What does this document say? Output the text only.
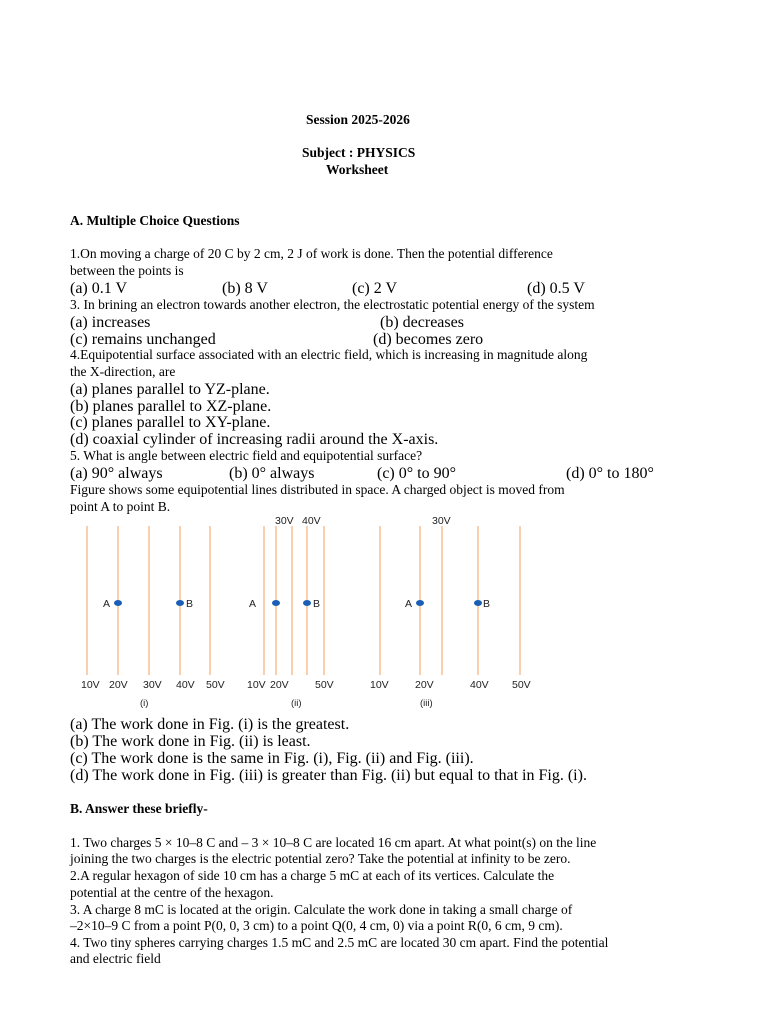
Session 2025-2026
Subject : PHYSICS
Worksheet
A. Multiple Choice Questions
1.On moving a charge of 20 C by 2 cm, 2 J of work is done. Then the potential difference
between the points is
(a) 0.1 V	(b) 8 V	(c) 2 V	(d) 0.5 V
3. In brining an electron towards another electron, the electrostatic potential energy of the system
(a) increases	(b) decreases
(c) remains unchanged	(d) becomes zero
4.Equipotential surface associated with an electric field, which is increasing in magnitude along
the X-direction, are
(a) planes parallel to YZ-plane.
(b) planes parallel to XZ-plane.
(c) planes parallel to XY-plane.
(d) coaxial cylinder of increasing radii around the X-axis.
5. What is angle between electric field and equipotential surface?
(a) 90° always	(b) 0° always	(c) 0° to 90°	(d) 0° to 180°
Figure shows some equipotential lines distributed in space. A charged object is moved from
point A to point B.
10V 20V 30V 40V 50V
A	B
(i)
30V 40V
10V 20V	50V
A	B
(ii)
30V
10V	20V	40V 50V
A	B
(iii)
(a) The work done in Fig. (i) is the greatest.
(b) The work done in Fig. (ii) is least.
(c) The work done is the same in Fig. (i), Fig. (ii) and Fig. (iii).
(d) The work done in Fig. (iii) is greater than Fig. (ii) but equal to that in Fig. (i).
B. Answer these briefly-
1. Two charges 5 × 10–8 C and – 3 × 10–8 C are located 16 cm apart. At what point(s) on the line
joining the two charges is the electric potential zero? Take the potential at infinity to be zero.
2.A regular hexagon of side 10 cm has a charge 5 mC at each of its vertices. Calculate the
potential at the centre of the hexagon.
3. A charge 8 mC is located at the origin. Calculate the work done in taking a small charge of
–2×10–9 C from a point P(0, 0, 3 cm) to a point Q(0, 4 cm, 0) via a point R(0, 6 cm, 9 cm).
4. Two tiny spheres carrying charges 1.5 mC and 2.5 mC are located 30 cm apart. Find the potential
and electric field
